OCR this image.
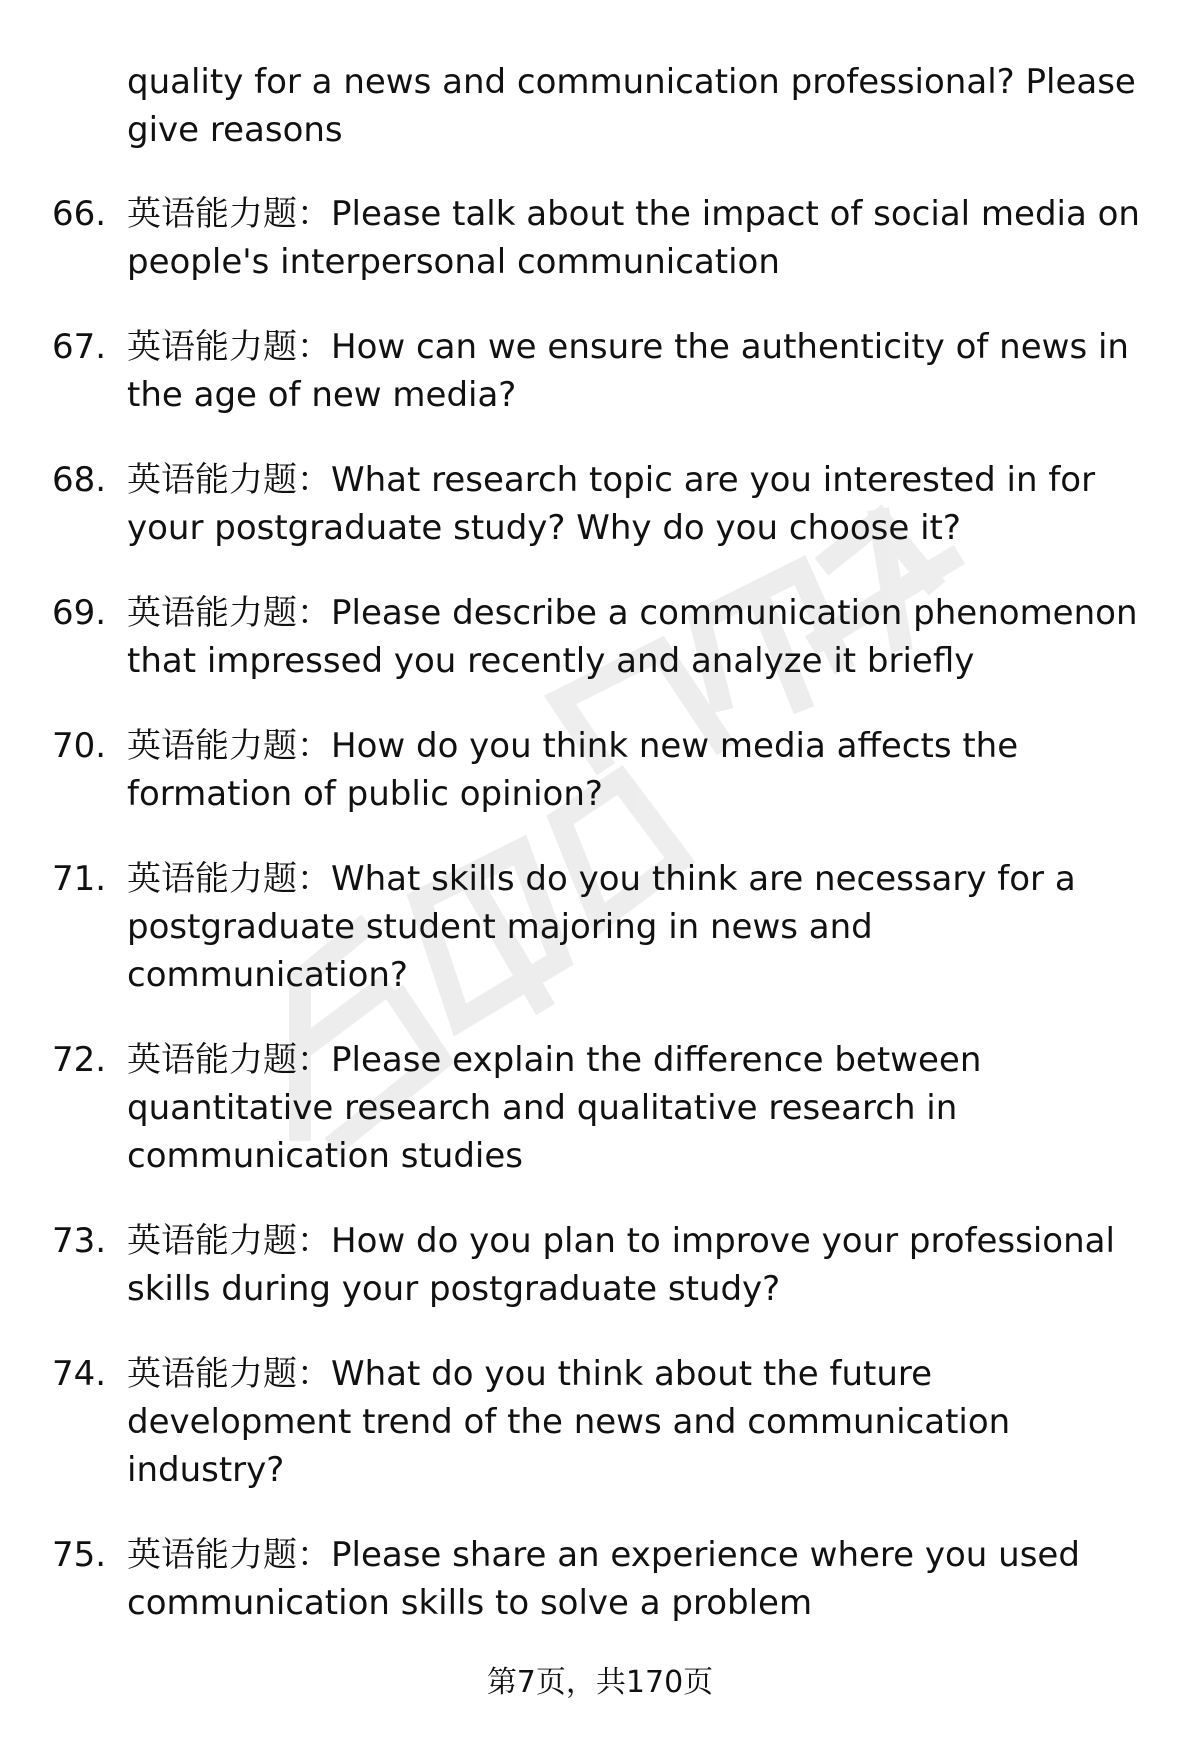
quality for a news and communication professional? Please give reasons
66. 英语能力题：Please talk about the impact of social media on people's interpersonal communication
67. 英语能力题：How can we ensure the authenticity of news in the age of new media?
68. 英语能力题：What research topic are you interested in for your postgraduate study? Why do you choose it?
69. 英语能力题：Please describe a communication phenomenon that impressed you recently and analyze it briefly
70. 英语能力题：How do you think new media affects the formation of public opinion?
71. 英语能力题：What skills do you think are necessary for a postgraduate student majoring in news and communication?
72. 英语能力题：Please explain the difference between quantitative research and qualitative research in communication studies
73. 英语能力题：How do you plan to improve your professional skills during your postgraduate study?
74. 英语能力题：What do you think about the future development trend of the news and communication industry?
75. 英语能力题：Please share an experience where you used communication skills to solve a problem
第7页，共170页
